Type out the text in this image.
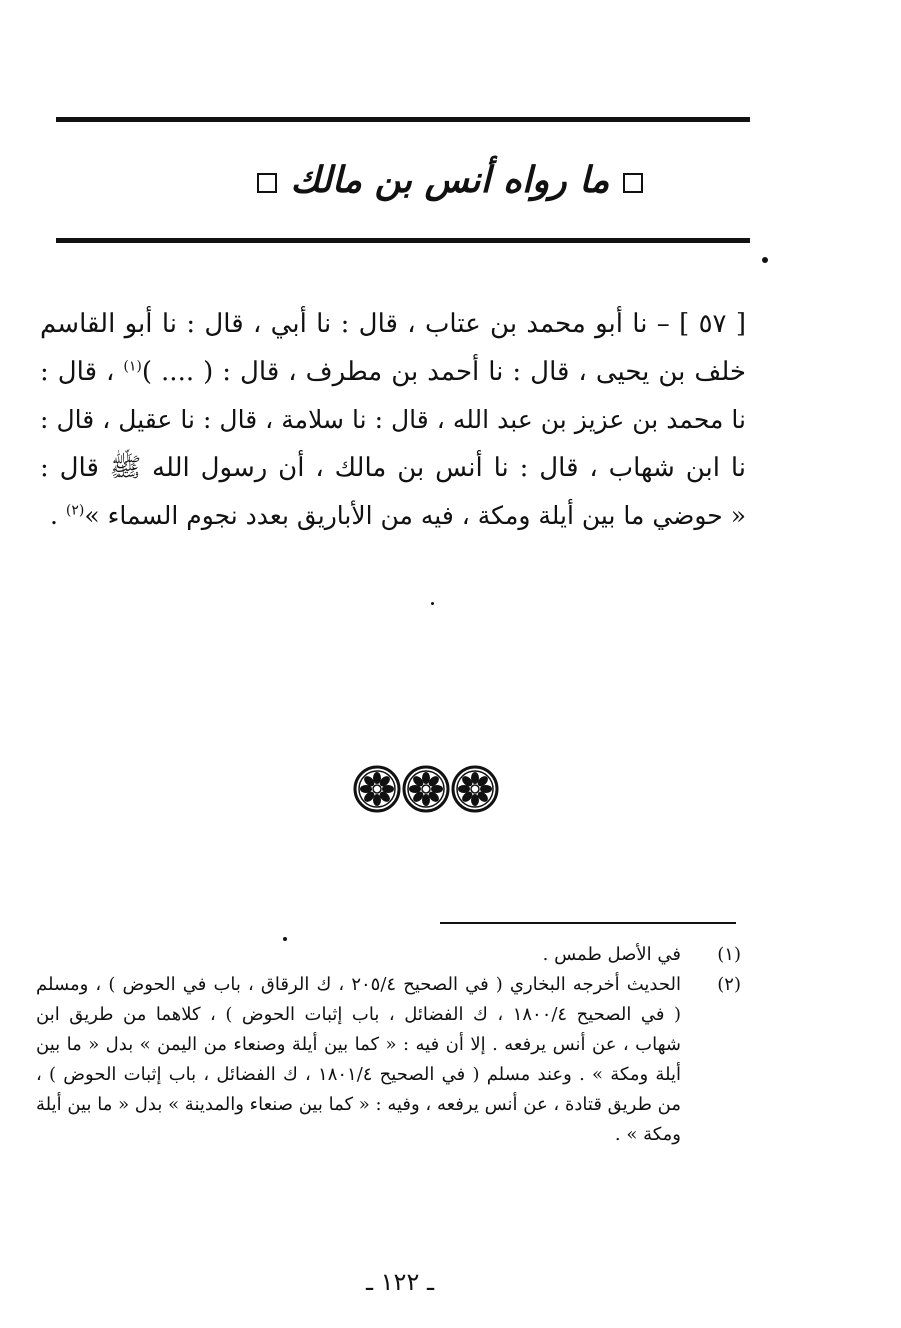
ما رواه أنس بن مالك
[ ٥٧ ] – نا أبو محمد بن عتاب ، قال : نا أبي ، قال : نا أبو القاسم
خلف بن يحيى ، قال : نا أحمد بن مطرف ، قال : ( .... )$^{(١)}$ ، قال :
نا محمد بن عزيز بن عبد الله ، قال : نا سلامة ، قال : نا عقيل ، قال :
نا ابن شهاب ، قال : نا أنس بن مالك ، أن رسول الله ﷺ قال :
« حوضي ما بين أيلة ومكة ، فيه من الأباريق بعدد نجوم السماء »$^{(٢)}$ .
(١)
في الأصل طمس .
(٢)
الحديث أخرجه البخاري ( في الصحيح ٢٠٥/٤ ، ك الرقاق ، باب في الحوض ) ، ومسلم
( في الصحيح ١٨٠٠/٤ ، ك الفضائل ، باب إثبات الحوض ) ، كلاهما من طريق ابن
شهاب ، عن أنس يرفعه . إلا أن فيه : « كما بين أيلة وصنعاء من اليمن » بدل « ما بين
أيلة ومكة » . وعند مسلم ( في الصحيح ١٨٠١/٤ ، ك الفضائل ، باب إثبات الحوض ) ،
من طريق قتادة ، عن أنس يرفعه ، وفيه : « كما بين صنعاء والمدينة » بدل « ما بين أيلة
ومكة » .
ـ ١٢٢ ـ
